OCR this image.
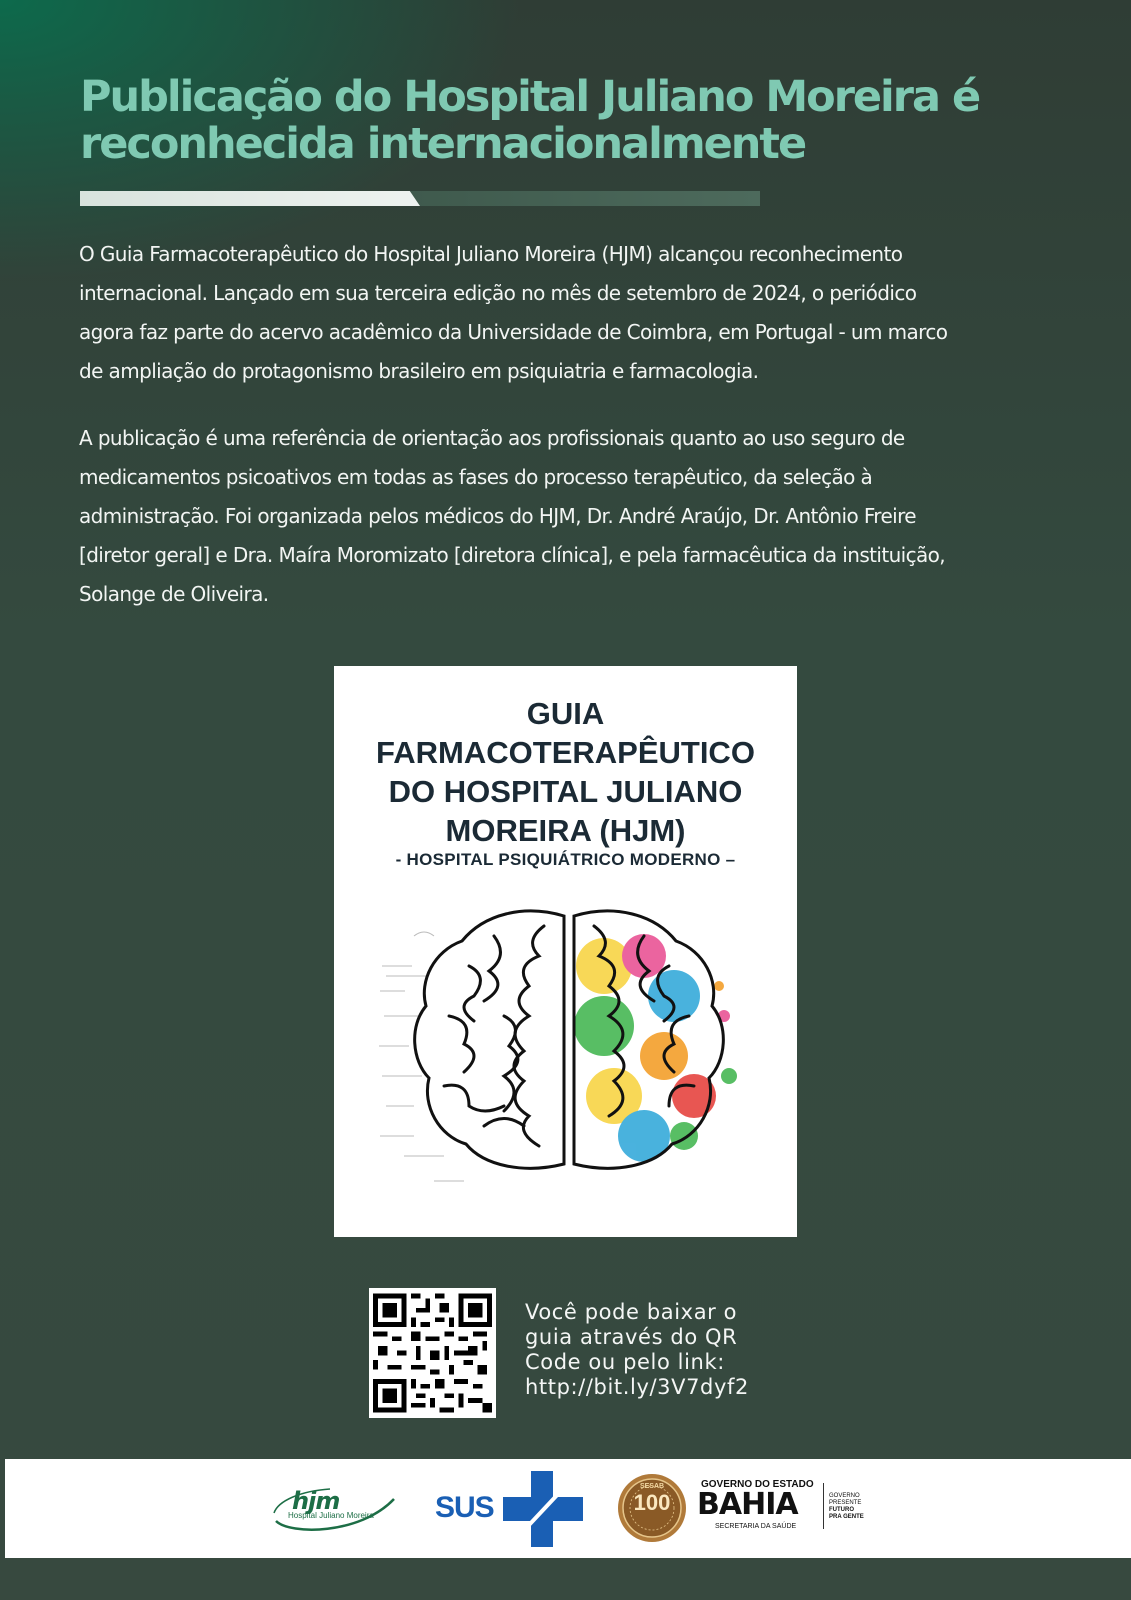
Publicação do Hospital Juliano Moreira é
reconhecida internacionalmente
O Guia Farmacoterapêutico do Hospital Juliano Moreira (HJM) alcançou reconhecimento
internacional. Lançado em sua terceira edição no mês de setembro de 2024, o periódico
agora faz parte do acervo acadêmico da Universidade de Coimbra, em Portugal - um marco
de ampliação do protagonismo brasileiro em psiquiatria e farmacologia.
A publicação é uma referência de orientação aos profissionais quanto ao uso seguro de
medicamentos psicoativos em todas as fases do processo terapêutico, da seleção à
administração. Foi organizada pelos médicos do HJM, Dr. André Araújo, Dr. Antônio Freire
[diretor geral] e Dra. Maíra Moromizato [diretora clínica], e pela farmacêutica da instituição,
Solange de Oliveira.
GUIA
FARMACOTERAPÊUTICO
DO HOSPITAL JULIANO
MOREIRA (HJM)
- HOSPITAL PSIQUIÁTRICO MODERNO –
Você pode baixar o
guia através do QR
Code ou pelo link:
http://bit.ly/3V7dyf2
hjm
Hospital Juliano Moreira SUS
SESAB
100
GOVERNO DO ESTADO
BAHIA
SECRETARIA DA SAÚDE
GOVERNO
PRESENTE
FUTURO
PRA GENTE
